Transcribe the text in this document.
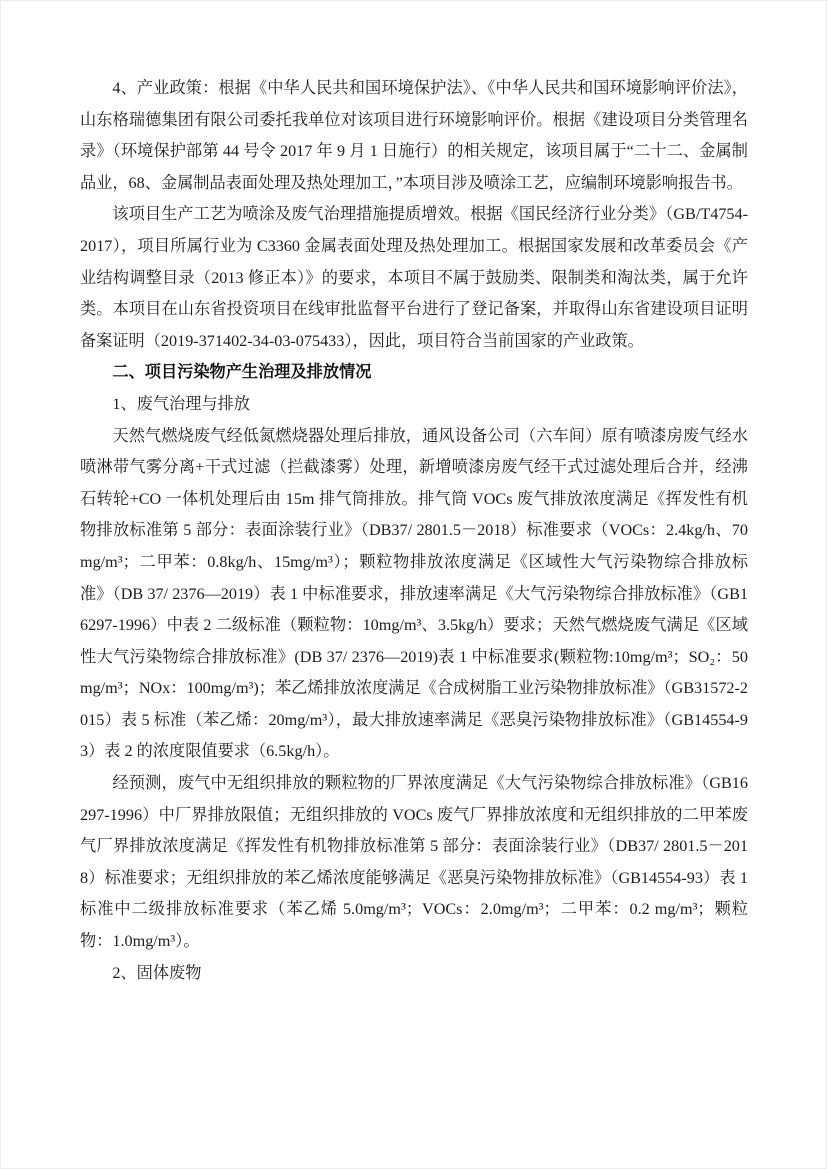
4、产业政策：根据《中华人民共和国环境保护法》、《中华人民共和国环境影响评价法》，山东格瑞德集团有限公司委托我单位对该项目进行环境影响评价。根据《建设项目分类管理名录》（环境保护部第 44 号令 2017 年 9 月 1 日施行）的相关规定，该项目属于“二十二、金属制品业，68、金属制品表面处理及热处理加工，”本项目涉及喷涂工艺，应编制环境影响报告书。

该项目生产工艺为喷涂及废气治理措施提质增效。根据《国民经济行业分类》（GB/T4754-2017），项目所属行业为 C3360 金属表面处理及热处理加工。根据国家发展和改革委员会《产业结构调整目录（2013 修正本）》的要求，本项目不属于鼓励类、限制类和淘汰类，属于允许类。本项目在山东省投资项目在线审批监督平台进行了登记备案，并取得山东省建设项目证明备案证明（2019-371402-34-03-075433），因此，项目符合当前国家的产业政策。

二、项目污染物产生治理及排放情况

1、废气治理与排放

天然气燃烧废气经低氮燃烧器处理后排放，通风设备公司（六车间）原有喷漆房废气经水喷淋带气雾分离+干式过滤（拦截漆雾）处理，新增喷漆房废气经干式过滤处理后合并，经沸石转轮+CO 一体机处理后由 15m 排气筒排放。排气筒 VOCs 废气排放浓度满足《挥发性有机物排放标准第 5 部分：表面涂装行业》（DB37/ 2801.5－2018）标准要求（VOCs：2.4kg/h、70mg/m³；二甲苯：0.8kg/h、15mg/m³）；颗粒物排放浓度满足《区域性大气污染物综合排放标准》（DB 37/ 2376—2019）表 1 中标准要求，排放速率满足《大气污染物综合排放标准》（GB16297-1996）中表 2 二级标准（颗粒物：10mg/m³、3.5kg/h）要求；天然气燃烧废气满足《区域性大气污染物综合排放标准》(DB 37/ 2376—2019)表 1 中标准要求(颗粒物:10mg/m³；SO₂：50mg/m³；NOx：100mg/m³)；苯乙烯排放浓度满足《合成树脂工业污染物排放标准》（GB31572-2015）表 5 标准（苯乙烯：20mg/m³），最大排放速率满足《恶臭污染物排放标准》（GB14554-93）表 2 的浓度限值要求（6.5kg/h）。

经预测，废气中无组织排放的颗粒物的厂界浓度满足《大气污染物综合排放标准》（GB16297-1996）中厂界排放限值；无组织排放的 VOCs 废气厂界排放浓度和无组织排放的二甲苯废气厂界排放浓度满足《挥发性有机物排放标准第 5 部分：表面涂装行业》（DB37/ 2801.5－2018）标准要求；无组织排放的苯乙烯浓度能够满足《恶臭污染物排放标准》（GB14554-93）表 1 标准中二级排放标准要求（苯乙烯 5.0mg/m³；VOCs：2.0mg/m³；二甲苯：0.2 mg/m³；颗粒物：1.0mg/m³）。

2、固体废物
